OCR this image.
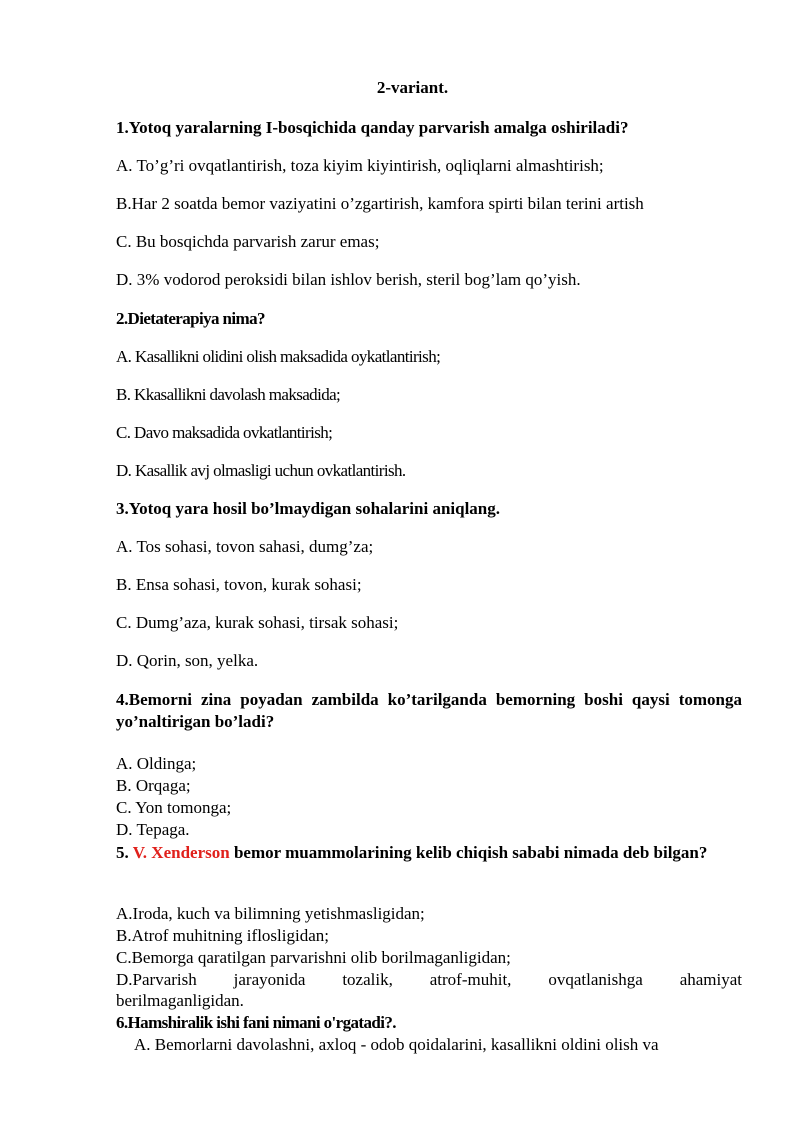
2-variant.
1.Yotoq yaralarning I-bosqichida qanday parvarish amalga oshiriladi?
A. To’g’ri ovqatlantirish, toza kiyim kiyintirish, oqliqlarni almashtirish;
B.Har 2 soatda bemor vaziyatini o’zgartirish, kamfora spirti bilan terini artish
C. Bu bosqichda parvarish zarur emas;
D. 3% vodorod peroksidi bilan ishlov berish, steril bog’lam qo’yish.
2.Dietaterapiya nima?
A. Kasallikni olidini olish maksadida oykatlantirish;
B. Kkasallikni davolash maksadida;
C. Davo maksadida ovkatlantirish;
D. Kasallik avj olmasligi uchun ovkatlantirish.
3.Yotoq yara hosil bo’lmaydigan sohalarini aniqlang.
A. Tos sohasi, tovon sahasi, dumg’za;
B. Ensa sohasi, tovon, kurak sohasi;
C. Dumg’aza, kurak sohasi, tirsak sohasi;
D. Qorin, son, yelka.
4.Bemorni zina poyadan zambilda ko’tarilganda bemorning boshi qaysi tomonga yo’naltirigan bo’ladi?
A. Oldinga;
B. Orqaga;
C. Yon tomonga;
D. Tepaga.
5. V. Xenderson bemor muammolarining kelib chiqish sababi nimada deb bilgan?
A.Iroda, kuch va bilimning yetishmasligidan;
B.Atrof muhitning iflosligidan;
C.Bemorga qaratilgan parvarishni olib borilmaganligidan;
D.Parvarish jarayonida tozalik, atrof-muhit, ovqatlanishga ahamiyat
berilmaganligidan.
6.Hamshiralik ishi fani nimani o'rgatadi?.
A. Bemorlarni davolashni, axloq - odob qoidalarini, kasallikni oldini olish va
